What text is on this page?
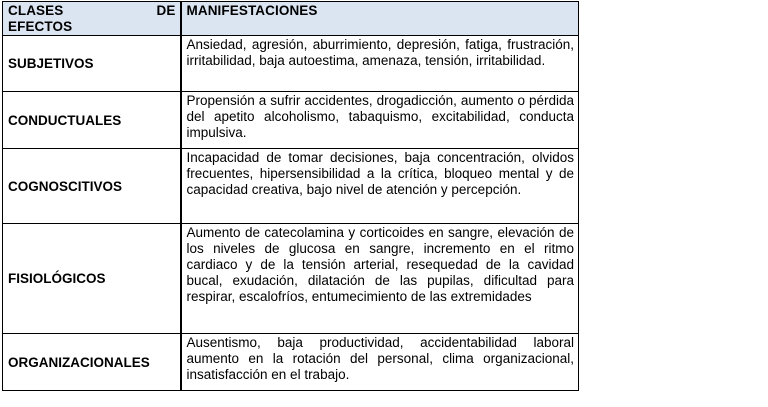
CLASES DE
EFECTOS	MANIFESTACIONES

SUBJETIVOS	Ansiedad, agresión, aburrimiento, depresión, fatiga, frustración, irritabilidad, baja autoestima, amenaza, tensión, irritabilidad.
CONDUCTUALES	Propensión a sufrir accidentes, drogadicción, aumento o pérdida del apetito alcoholismo, tabaquismo, excitabilidad, conducta impulsiva.
COGNOSCITIVOS	Incapacidad de tomar decisiones, baja concentración, olvidos frecuentes, hipersensibilidad a la crítica, bloqueo mental y de capacidad creativa, bajo nivel de atención y percepción.
FISIOLÓGICOS	Aumento de catecolamina y corticoides en sangre, elevación de los niveles de glucosa en sangre, incremento en el ritmo cardiaco y de la tensión arterial, resequedad de la cavidad bucal, exudación, dilatación de las pupilas, dificultad para respirar, escalofríos, entumecimiento de las extremidades
ORGANIZACIONALES	Ausentismo, baja productividad, accidentabilidad laboral aumento en la rotación del personal, clima organizacional, insatisfacción en el trabajo.
